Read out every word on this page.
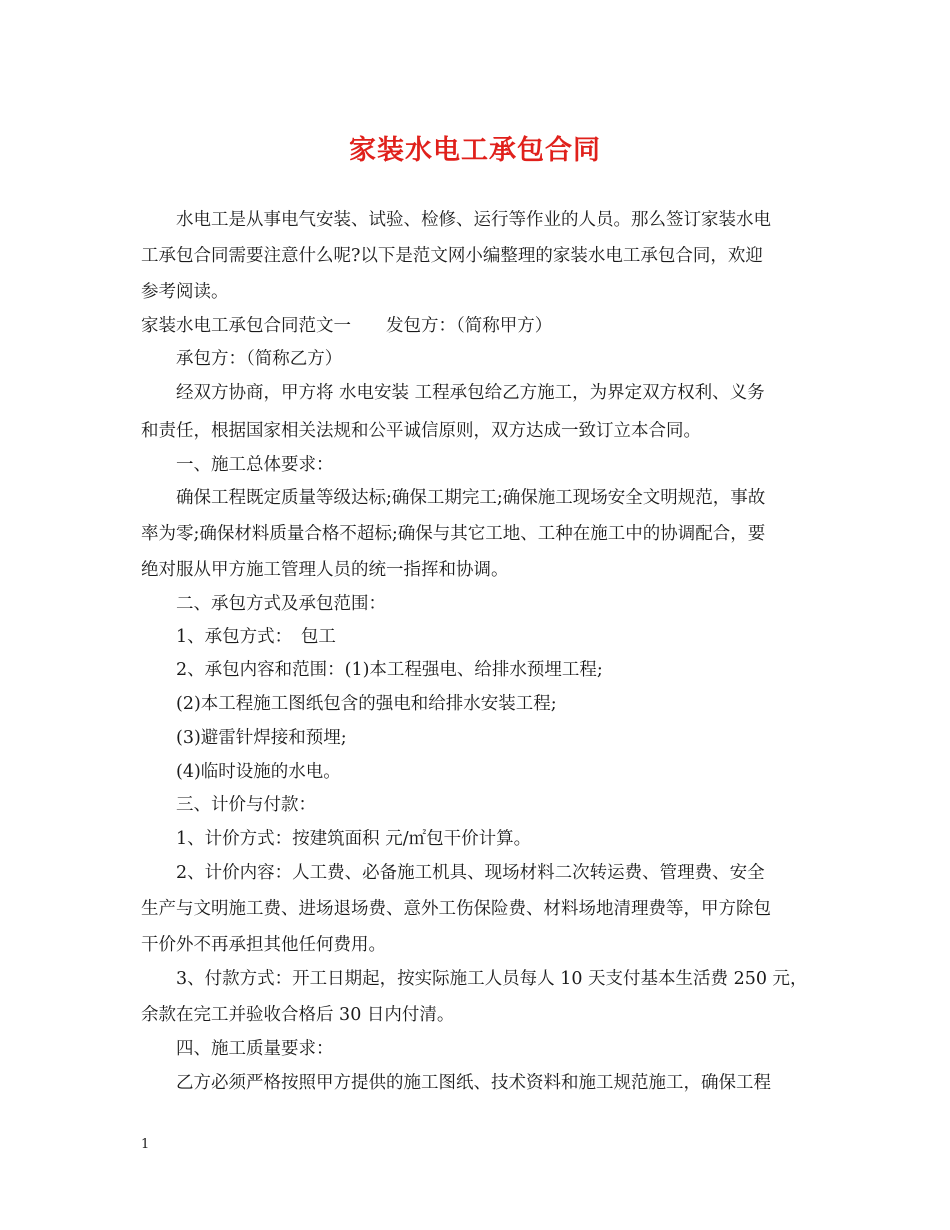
家装水电工承包合同
　　水电工是从事电气安装、试验、检修、运行等作业的人员。那么签订家装水电
工承包合同需要注意什么呢?以下是范文网小编整理的家装水电工承包合同，欢迎
参考阅读。
家装水电工承包合同范文一　　发包方：（简称甲方）
　　承包方：（简称乙方）
　　经双方协商，甲方将 水电安装 工程承包给乙方施工，为界定双方权利、义务
和责任，根据国家相关法规和公平诚信原则，双方达成一致订立本合同。
　　一、施工总体要求：
　　确保工程既定质量等级达标;确保工期完工;确保施工现场安全文明规范，事故
率为零;确保材料质量合格不超标;确保与其它工地、工种在施工中的协调配合，要
绝对服从甲方施工管理人员的统一指挥和协调。
　　二、承包方式及承包范围：
　　1、承包方式：　包工
　　2、承包内容和范围：(1)本工程强电、给排水预埋工程;
　　(2)本工程施工图纸包含的强电和给排水安装工程;
　　(3)避雷针焊接和预埋;
　　(4)临时设施的水电。
　　三、计价与付款：
　　1、计价方式：按建筑面积 元/㎡包干价计算。
　　2、计价内容：人工费、必备施工机具、现场材料二次转运费、管理费、安全
生产与文明施工费、进场退场费、意外工伤保险费、材料场地清理费等，甲方除包
干价外不再承担其他任何费用。
　　3、付款方式：开工日期起，按实际施工人员每人 10 天支付基本生活费 250 元，
余款在完工并验收合格后 30 日内付清。
　　四、施工质量要求：
　　乙方必须严格按照甲方提供的施工图纸、技术资料和施工规范施工，确保工程
1
